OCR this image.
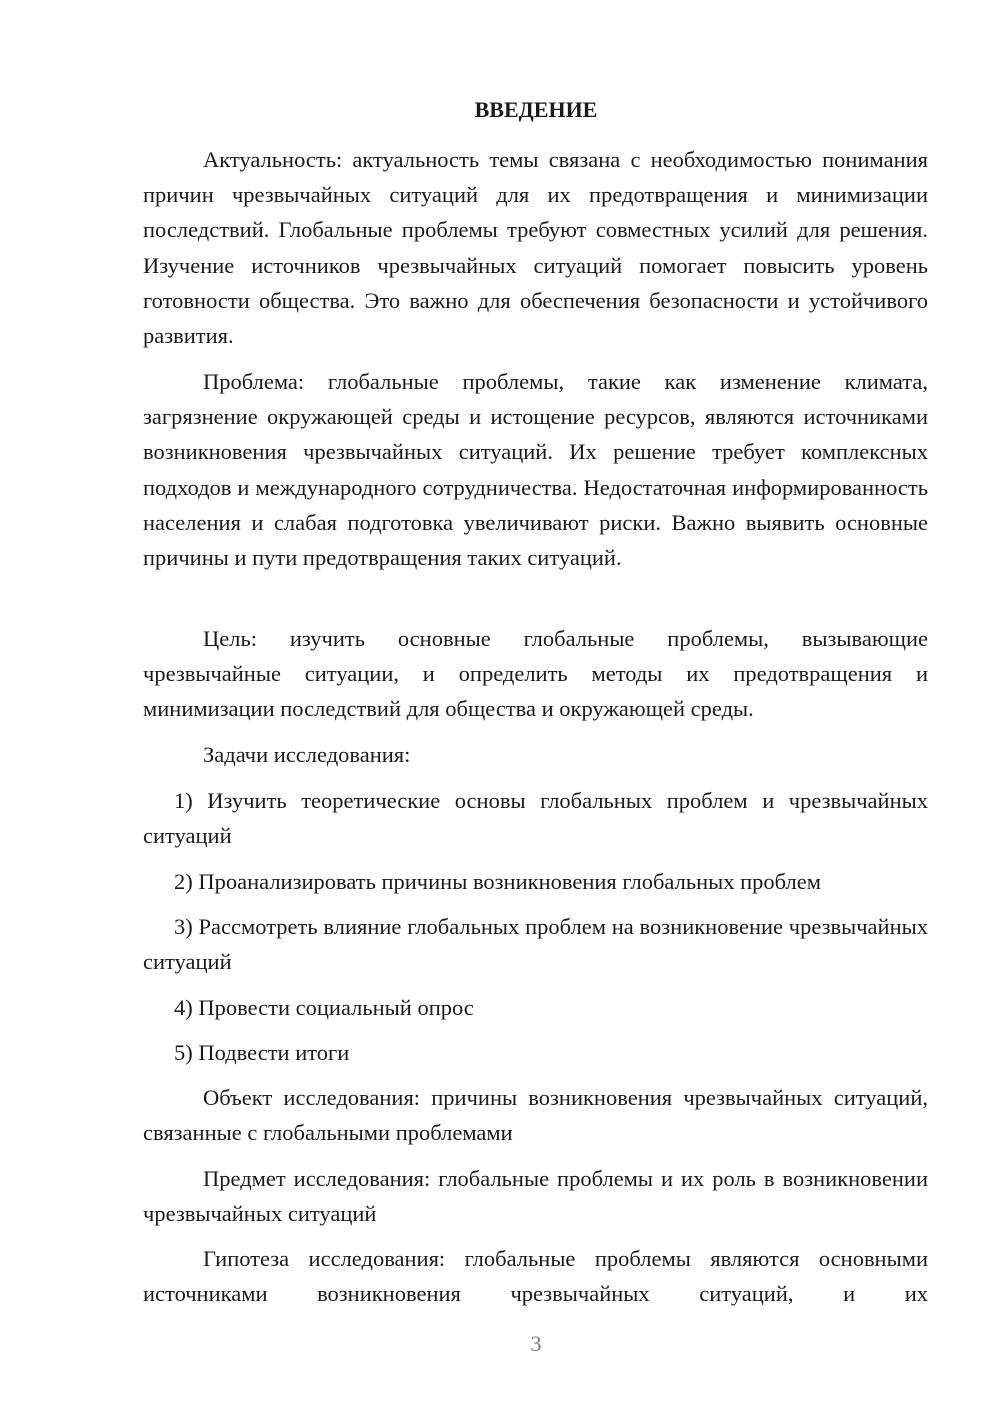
ВВЕДЕНИЕ

Актуальность: актуальность темы связана с необходимостью понимания причин чрезвычайных ситуаций для их предотвращения и минимизации последствий. Глобальные проблемы требуют совместных усилий для решения. Изучение источников чрезвычайных ситуаций помогает повысить уровень готовности общества. Это важно для обеспечения безопасности и устойчивого развития.

Проблема: глобальные проблемы, такие как изменение климата, загрязнение окружающей среды и истощение ресурсов, являются источниками возникновения чрезвычайных ситуаций. Их решение требует комплексных подходов и международного сотрудничества. Недостаточная информированность населения и слабая подготовка увеличивают риски. Важно выявить основные причины и пути предотвращения таких ситуаций.

Цель: изучить основные глобальные проблемы, вызывающие чрезвычайные ситуации, и определить методы их предотвращения и минимизации последствий для общества и окружающей среды.

Задачи исследования:

1) Изучить теоретические основы глобальных проблем и чрезвычайных ситуаций

2) Проанализировать причины возникновения глобальных проблем

3) Рассмотреть влияние глобальных проблем на возникновение чрезвычайных ситуаций

4) Провести социальный опрос

5) Подвести итоги

Объект исследования: причины возникновения чрезвычайных ситуаций, связанные с глобальными проблемами

Предмет исследования: глобальные проблемы и их роль в возникновении чрезвычайных ситуаций

Гипотеза исследования: глобальные проблемы являются основными источниками возникновения чрезвычайных ситуаций, и их

3
